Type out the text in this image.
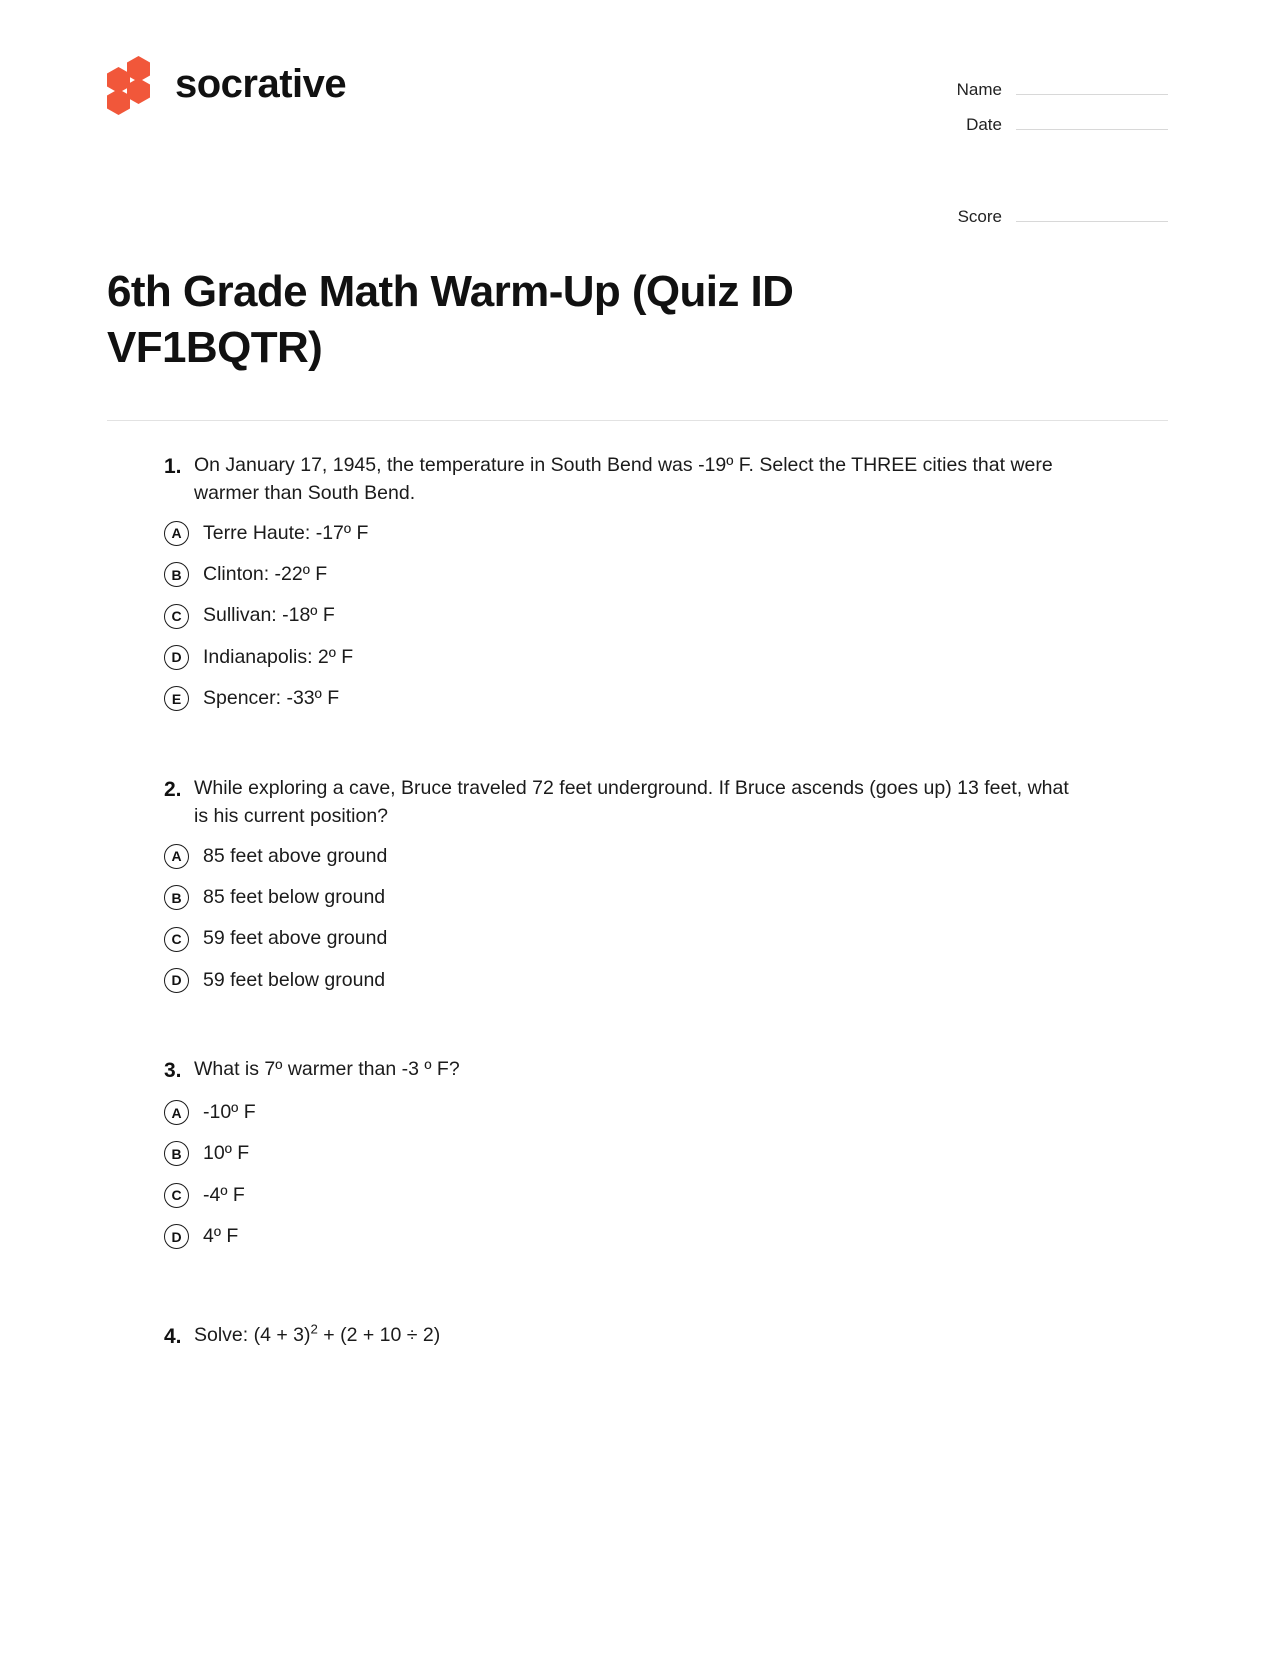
socrative	Name
Date
Score
6th Grade Math Warm-Up (Quiz ID VF1BQTR)
1. On January 17, 1945, the temperature in South Bend was -19º F. Select the THREE cities that were warmer than South Bend.
A	Terre Haute: -17º F
B	Clinton: -22º F
C	Sullivan: -18º F
D	Indianapolis: 2º F
E	Spencer: -33º F
2. While exploring a cave, Bruce traveled 72 feet underground. If Bruce ascends (goes up) 13 feet, what is his current position?
A	85 feet above ground
B	85 feet below ground
C	59 feet above ground
D	59 feet below ground
3. What is 7º warmer than -3 º F?
A	-10º F
B	10º F
C	-4º F
D	4º F
4. Solve: $(4 + 3)^2 + (2 + 10 \div 2)$
